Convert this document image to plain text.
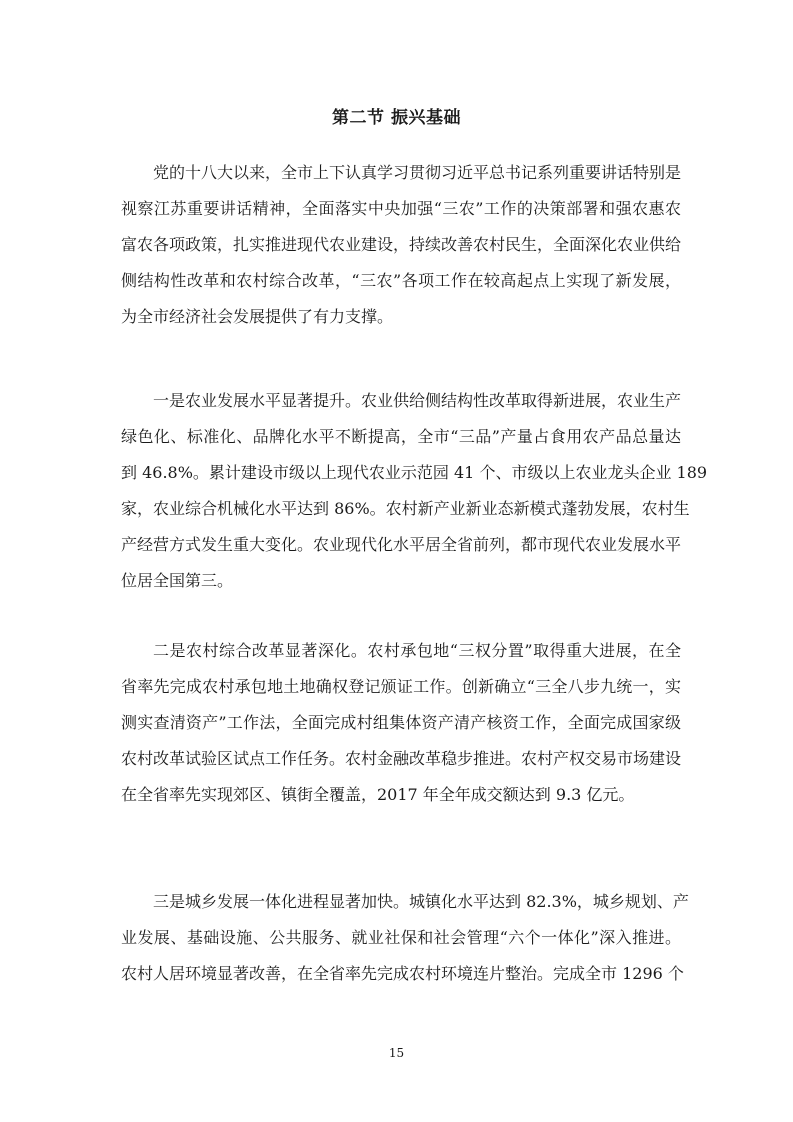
第二节 振兴基础
党的十八大以来，全市上下认真学习贯彻习近平总书记系列重要讲话特别是
视察江苏重要讲话精神，全面落实中央加强“三农”工作的决策部署和强农惠农
富农各项政策，扎实推进现代农业建设，持续改善农村民生，全面深化农业供给
侧结构性改革和农村综合改革，“三农”各项工作在较高起点上实现了新发展，
为全市经济社会发展提供了有力支撑。
一是农业发展水平显著提升。农业供给侧结构性改革取得新进展，农业生产
绿色化、标准化、品牌化水平不断提高，全市“三品”产量占食用农产品总量达
到 46.8%。累计建设市级以上现代农业示范园 41 个、市级以上农业龙头企业 189
家，农业综合机械化水平达到 86%。农村新产业新业态新模式蓬勃发展，农村生
产经营方式发生重大变化。农业现代化水平居全省前列，都市现代农业发展水平
位居全国第三。
二是农村综合改革显著深化。农村承包地“三权分置”取得重大进展，在全
省率先完成农村承包地土地确权登记颁证工作。创新确立“三全八步九统一，实
测实查清资产”工作法，全面完成村组集体资产清产核资工作，全面完成国家级
农村改革试验区试点工作任务。农村金融改革稳步推进。农村产权交易市场建设
在全省率先实现郊区、镇街全覆盖，2017 年全年成交额达到 9.3 亿元。
三是城乡发展一体化进程显著加快。城镇化水平达到 82.3%，城乡规划、产
业发展、基础设施、公共服务、就业社保和社会管理“六个一体化”深入推进。
农村人居环境显著改善，在全省率先完成农村环境连片整治。完成全市 1296 个
15
